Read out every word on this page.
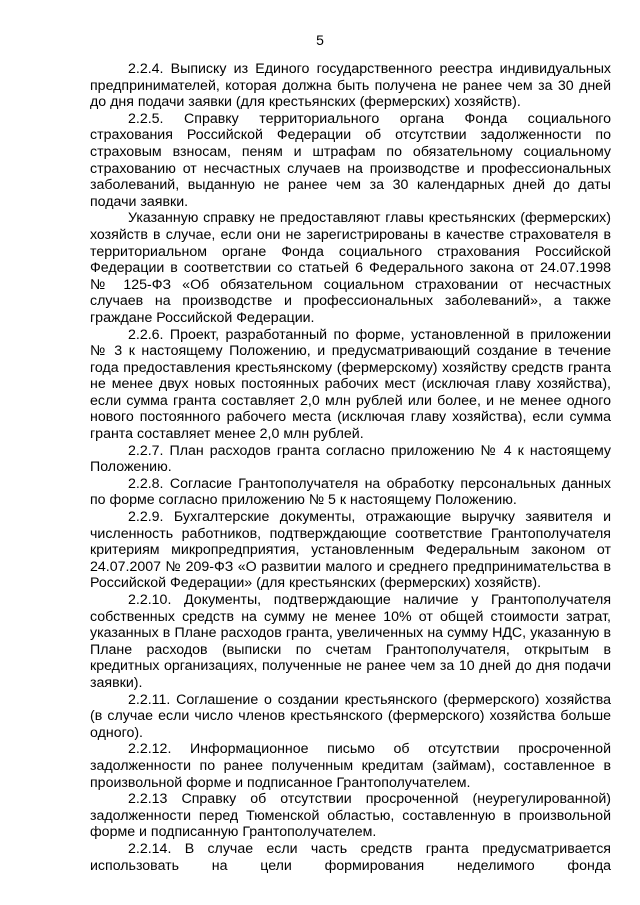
5

2.2.4. Выписку из Единого государственного реестра индивидуальных предпринимателей, которая должна быть получена не ранее чем за 30 дней до дня подачи заявки (для крестьянских (фермерских) хозяйств).

2.2.5. Справку территориального органа Фонда социального страхования Российской Федерации об отсутствии задолженности по страховым взносам, пеням и штрафам по обязательному социальному страхованию от несчастных случаев на производстве и профессиональных заболеваний, выданную не ранее чем за 30 календарных дней до даты подачи заявки.

Указанную справку не предоставляют главы крестьянских (фермерских) хозяйств в случае, если они не зарегистрированы в качестве страхователя в территориальном органе Фонда социального страхования Российской Федерации в соответствии со статьей 6 Федерального закона от 24.07.1998 № 125-ФЗ «Об обязательном социальном страховании от несчастных случаев на производстве и профессиональных заболеваний», а также граждане Российской Федерации.

2.2.6. Проект, разработанный по форме, установленной в приложении № 3 к настоящему Положению, и предусматривающий создание в течение года предоставления крестьянскому (фермерскому) хозяйству средств гранта не менее двух новых постоянных рабочих мест (исключая главу хозяйства), если сумма гранта составляет 2,0 млн рублей или более, и не менее одного нового постоянного рабочего места (исключая главу хозяйства), если сумма гранта составляет менее 2,0 млн рублей.

2.2.7. План расходов гранта согласно приложению № 4 к настоящему Положению.

2.2.8. Согласие Грантополучателя на обработку персональных данных по форме согласно приложению № 5 к настоящему Положению.

2.2.9. Бухгалтерские документы, отражающие выручку заявителя и численность работников, подтверждающие соответствие Грантополучателя критериям микропредприятия, установленным Федеральным законом от 24.07.2007 № 209-ФЗ «О развитии малого и среднего предпринимательства в Российской Федерации» (для крестьянских (фермерских) хозяйств).

2.2.10. Документы, подтверждающие наличие у Грантополучателя собственных средств на сумму не менее 10% от общей стоимости затрат, указанных в Плане расходов гранта, увеличенных на сумму НДС, указанную в Плане расходов (выписки по счетам Грантополучателя, открытым в кредитных организациях, полученные не ранее чем за 10 дней до дня подачи заявки).

2.2.11. Соглашение о создании крестьянского (фермерского) хозяйства (в случае если число членов крестьянского (фермерского) хозяйства больше одного).

2.2.12. Информационное письмо об отсутствии просроченной задолженности по ранее полученным кредитам (займам), составленное в произвольной форме и подписанное Грантополучателем.

2.2.13 Справку об отсутствии просроченной (неурегулированной) задолженности перед Тюменской областью, составленную в произвольной форме и подписанную Грантополучателем.

2.2.14. В случае если часть средств гранта предусматривается использовать на цели формирования неделимого фонда
